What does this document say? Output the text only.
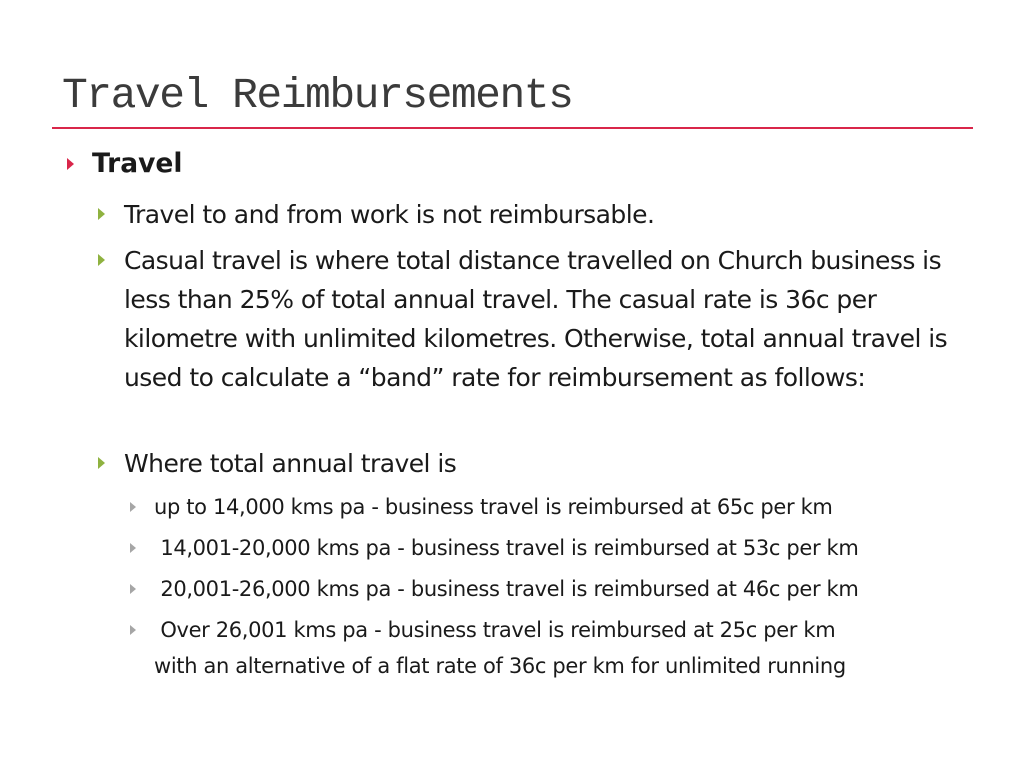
Travel Reimbursements
Travel
Travel to and from work is not reimbursable.
Casual travel is where total distance travelled on Church business is less than 25% of total annual travel. The casual rate is 36c per kilometre with unlimited kilometres. Otherwise, total annual travel is used to calculate a “band” rate for reimbursement as follows:
Where total annual travel is
up to 14,000 kms pa - business travel is reimbursed at 65c per km
14,001-20,000 kms pa - business travel is reimbursed at 53c per km
20,001-26,000 kms pa - business travel is reimbursed at 46c per km
Over 26,001 kms pa - business travel is reimbursed at 25c per km
with an alternative of a flat rate of 36c per km for unlimited running
